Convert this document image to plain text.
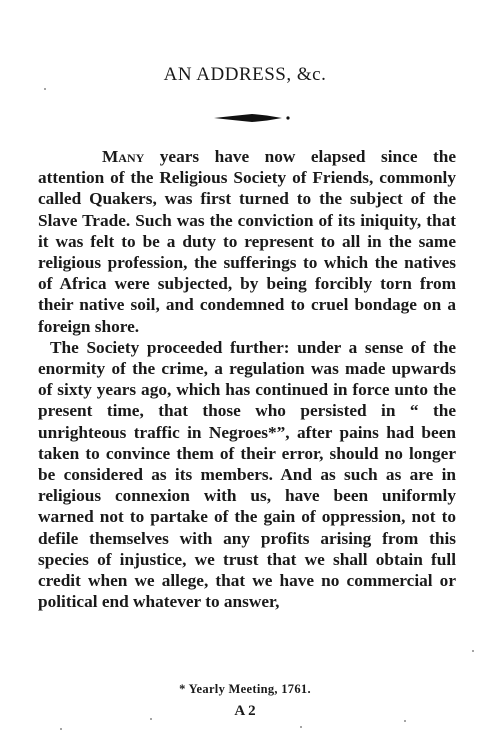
AN ADDRESS, &c.

Many years have now elapsed since the attention of the Religious Society of Friends, commonly called Quakers, was first turned to the subject of the Slave Trade. Such was the conviction of its iniquity, that it was felt to be a duty to represent to all in the same religious profession, the sufferings to which the natives of Africa were subjected, by being forcibly torn from their native soil, and condemned to cruel bondage on a foreign shore.

The Society proceeded further: under a sense of the enormity of the crime, a regulation was made upwards of sixty years ago, which has continued in force unto the present time, that those who persisted in “ the unrighteous traffic in Negroes*”, after pains had been taken to convince them of their error, should no longer be considered as its members. And as such as are in religious connexion with us, have been uniformly warned not to partake of the gain of oppression, not to defile themselves with any profits arising from this species of injustice, we trust that we shall obtain full credit when we allege, that we have no commercial or political end whatever to answer,

* Yearly Meeting, 1761.
A 2
